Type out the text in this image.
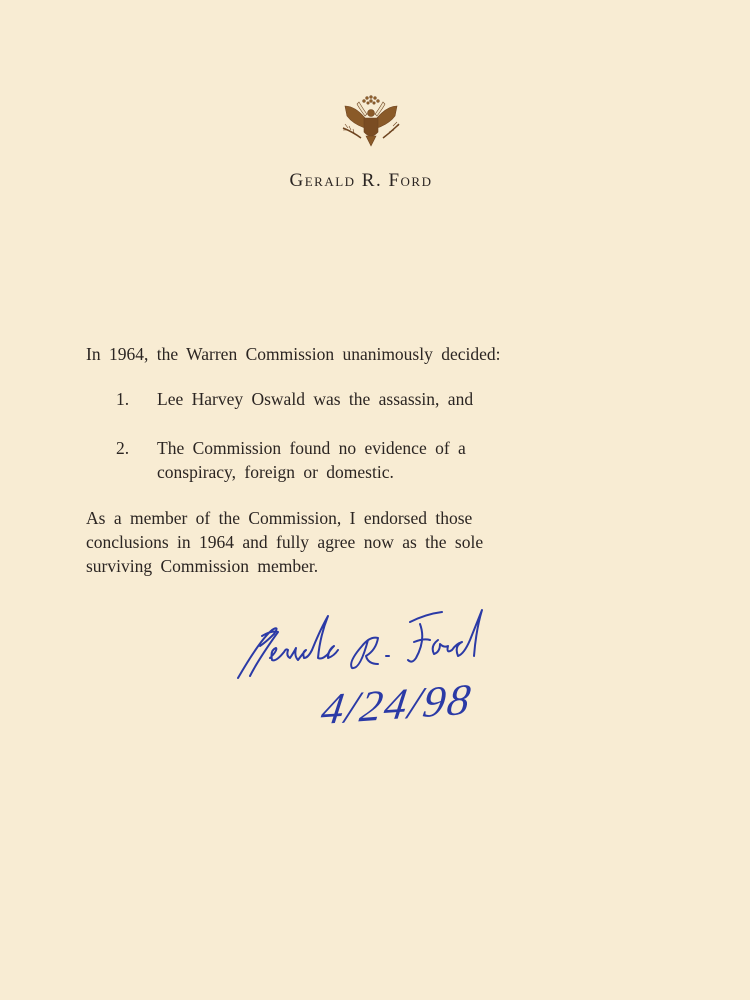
Gerald R. Ford
In 1964, the Warren Commission unanimously decided:
1. Lee Harvey Oswald was the assassin, and
2. The Commission found no evidence of a
conspiracy, foreign or domestic.
As a member of the Commission, I endorsed those
conclusions in 1964 and fully agree now as the sole
surviving Commission member.
4/24/98
